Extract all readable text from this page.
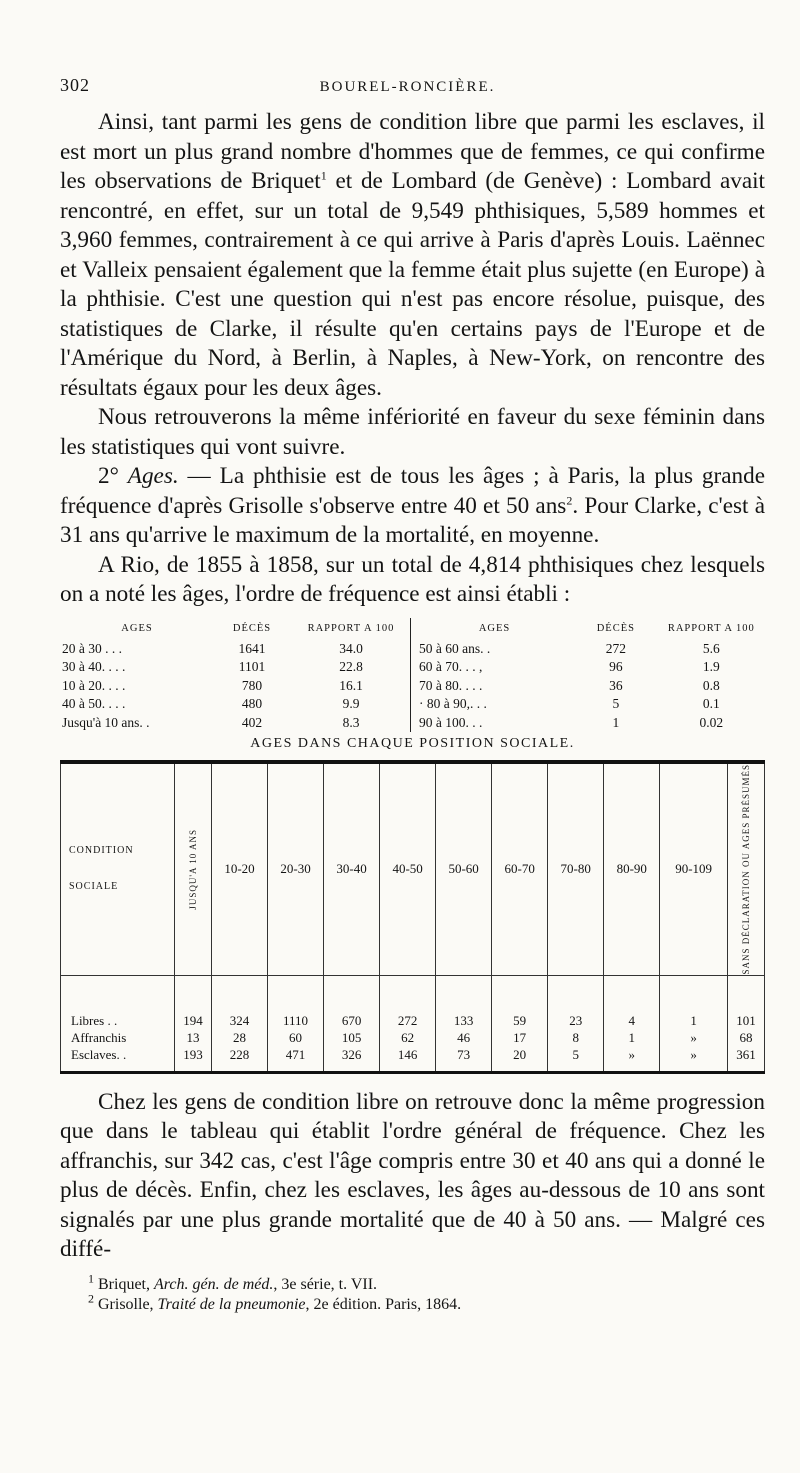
302	BOUREL-RONCIÈRE.

Ainsi, tant parmi les gens de condition libre que parmi les esclaves, il est mort un plus grand nombre d'hommes que de femmes, ce qui confirme les observations de Briquet$^1$ et de Lombard (de Genève) : Lombard avait rencontré, en effet, sur un total de 9,549 phthisiques, 5,589 hommes et 3,960 femmes, contrairement à ce qui arrive à Paris d'après Louis. Laënnec et Valleix pensaient également que la femme était plus sujette (en Europe) à la phthisie. C'est une question qui n'est pas encore résolue, puisque, des statistiques de Clarke, il résulte qu'en certains pays de l'Europe et de l'Amérique du Nord, à Berlin, à Naples, à New-York, on rencontre des résultats égaux pour les deux âges.

Nous retrouverons la même infériorité en faveur du sexe féminin dans les statistiques qui vont suivre.

2° Ages. — La phthisie est de tous les âges ; à Paris, la plus grande fréquence d'après Grisolle s'observe entre 40 et 50 ans$^2$. Pour Clarke, c'est à 31 ans qu'arrive le maximum de la mortalité, en moyenne.

A Rio, de 1855 à 1858, sur un total de 4,814 phthisiques chez lesquels on a noté les âges, l'ordre de fréquence est ainsi établi :

AGES	DÉCÈS	RAPPORT A 100
20 à 30 . . .	1641	34.0
30 à 40. . . .	1101	22.8
10 à 20. . . .	780	16.1
40 à 50. . . .	480	9.9
Jusqu'à 10 ans. .	402	8.3
AGES	DÉCÈS	RAPPORT A 100
50 à 60 ans. .	272	5.6
60 à 70. . . ,	96	1.9
70 à 80. . . .	36	0.8
· 80 à 90,. . .	5	0.1
90 à 100. . .	1	0.02
AGES DANS CHAQUE POSITION SOCIALE.
CONDITION
SOCIALE	JUSQU'A 10 ANS	10-20	20-30	30-40	40-50	50-60	60-70	70-80	80-90	90-109	SANS DÉCLARATION OU AGES PRÉSUMÉS

Libres . .	194	324	1110	670	272	133	59	23	4	1	101
Affranchis	13	28	60	105	62	46	17	8	1	»	68
Esclaves. .	193	228	471	326	146	73	20	5	»	»	361

Chez les gens de condition libre on retrouve donc la même progression que dans le tableau qui établit l'ordre général de fréquence. Chez les affranchis, sur 342 cas, c'est l'âge compris entre 30 et 40 ans qui a donné le plus de décès. Enfin, chez les esclaves, les âges au-dessous de 10 ans sont signalés par une plus grande mortalité que de 40 à 50 ans. — Malgré ces diffé-

$^1$ Briquet, Arch. gén. de méd., 3e série, t. VII.

$^2$ Grisolle, Traité de la pneumonie, 2e édition. Paris, 1864.
